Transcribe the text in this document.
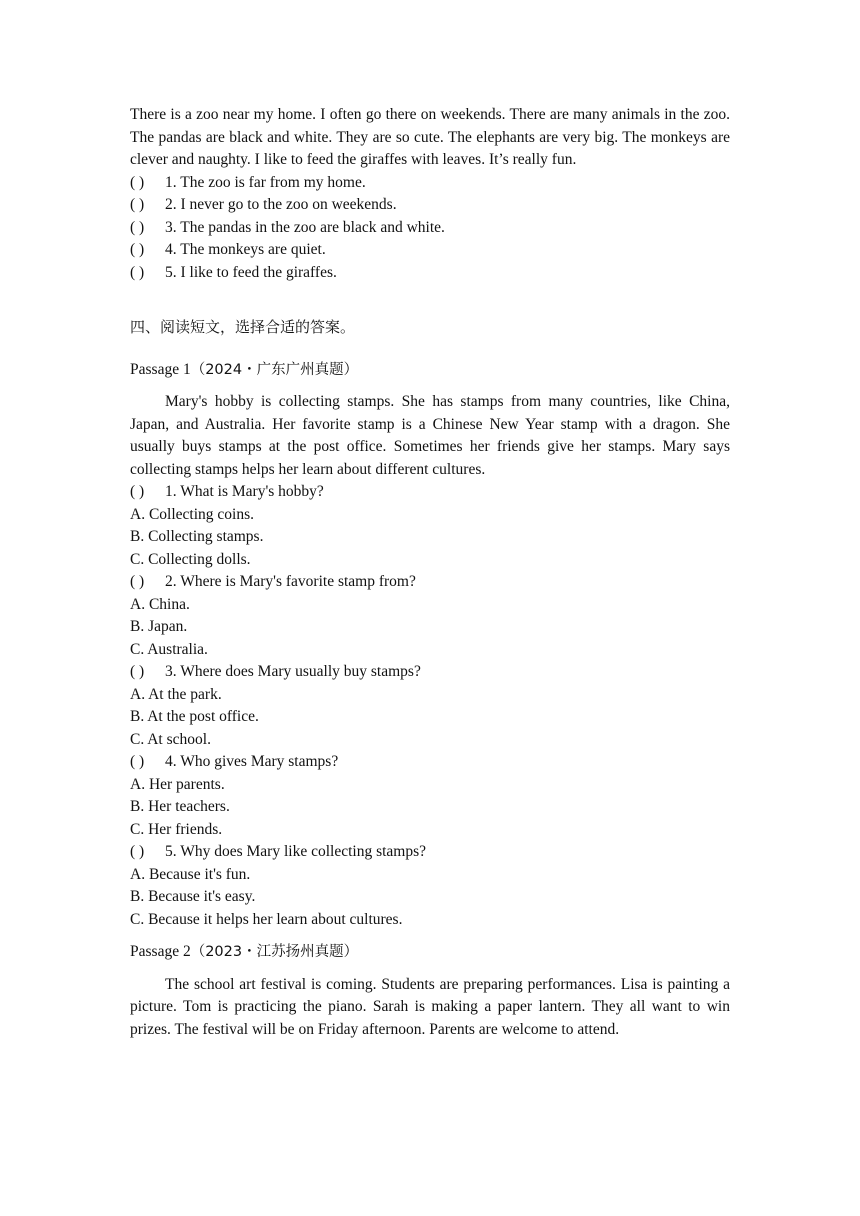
There is a zoo near my home. I often go there on weekends. There are many animals in the zoo. The pandas are black and white. They are so cute. The elephants are very big. The monkeys are clever and naughty. I like to feed the giraffes with leaves. It’s really fun.

( )	1. The zoo is far from my home.
( )	2. I never go to the zoo on weekends.
( )	3. The pandas in the zoo are black and white.
( )	4. The monkeys are quiet.
( )	5. I like to feed the giraffes.
四、阅读短文，选择合适的答案。
Passage 1（2024・广东广州真题）

Mary's hobby is collecting stamps. She has stamps from many countries, like China, Japan, and Australia. Her favorite stamp is a Chinese New Year stamp with a dragon. She usually buys stamps at the post office. Sometimes her friends give her stamps. Mary says collecting stamps helps her learn about different cultures.

( )	1. What is Mary's hobby?
A. Collecting coins.
B. Collecting stamps.
C. Collecting dolls.
( )	2. Where is Mary's favorite stamp from?
A. China.
B. Japan.
C. Australia.
( )	3. Where does Mary usually buy stamps?
A. At the park.
B. At the post office.
C. At school.
( )	4. Who gives Mary stamps?
A. Her parents.
B. Her teachers.
C. Her friends.
( )	5. Why does Mary like collecting stamps?
A. Because it's fun.
B. Because it's easy.
C. Because it helps her learn about cultures.
Passage 2（2023・江苏扬州真题）

The school art festival is coming. Students are preparing performances. Lisa is painting a picture. Tom is practicing the piano. Sarah is making a paper lantern. They all want to win prizes. The festival will be on Friday afternoon. Parents are welcome to attend.
